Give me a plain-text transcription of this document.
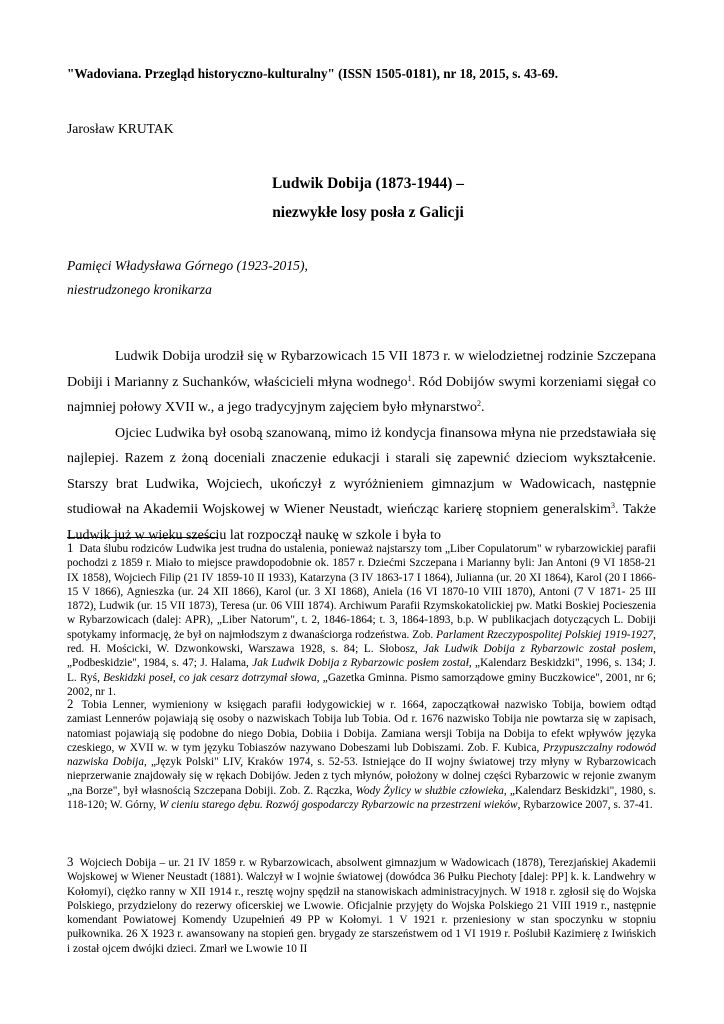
"Wadoviana. Przegląd historyczno-kulturalny" (ISSN 1505-0181), nr 18, 2015, s. 43-69.
Jarosław KRUTAK
Ludwik Dobija (1873-1944) –
niezwykłe losy posła z Galicji
Pamięci Władysława Górnego (1923-2015),
niestrudzonego kronikarza

Ludwik Dobija urodził się w Rybarzowicach 15 VII 1873 r. w wielodzietnej rodzinie Szczepana Dobiji i Marianny z Suchanków, właścicieli młyna wodnego$^1$. Ród Dobijów swymi korzeniami sięgał co najmniej połowy XVII w., a jego tradycyjnym zajęciem było młynarstwo$^2$.

Ojciec Ludwika był osobą szanowaną, mimo iż kondycja finansowa młyna nie przedstawiała się najlepiej. Razem z żoną doceniali znaczenie edukacji i starali się zapewnić dzieciom wykształcenie. Starszy brat Ludwika, Wojciech, ukończył z wyróżnieniem gimnazjum w Wadowicach, następnie studiował na Akademii Wojskowej w Wiener Neustadt, wieńcząc karierę stopniem generalskim$^3$. Także Ludwik już w wieku sześciu lat rozpoczął naukę w szkole i była to

1 Data ślubu rodziców Ludwika jest trudna do ustalenia, ponieważ najstarszy tom „Liber Copulatorum" w rybarzowickiej parafii pochodzi z 1859 r. Miało to miejsce prawdopodobnie ok. 1857 r. Dziećmi Szczepana i Marianny byli: Jan Antoni (9 VI 1858-21 IX 1858), Wojciech Filip (21 IV 1859-10 II 1933), Katarzyna (3 IV 1863-17 I 1864), Julianna (ur. 20 XI 1864), Karol (20 I 1866-15 V 1866), Agnieszka (ur. 24 XII 1866), Karol (ur. 3 XI 1868), Aniela (16 VI 1870-10 VIII 1870), Antoni (7 V 1871- 25 III 1872), Ludwik (ur. 15 VII 1873), Teresa (ur. 06 VIII 1874). Archiwum Parafii Rzymskokatolickiej pw. Matki Boskiej Pocieszenia w Rybarzowicach (dalej: APR), „Liber Natorum", t. 2, 1846-1864; t. 3, 1864-1893, b.p. W publikacjach dotyczących L. Dobiji spotykamy informację, że był on najmłodszym z dwanaściorga rodzeństwa. Zob. Parlament Rzeczypospolitej Polskiej 1919-1927, red. H. Mościcki, W. Dzwonkowski, Warszawa 1928, s. 84; L. Słobosz, Jak Ludwik Dobija z Rybarzowic został posłem, „Podbeskidzie", 1984, s. 47; J. Halama, Jak Ludwik Dobija z Rybarzowic posłem został, „Kalendarz Beskidzki", 1996, s. 134; J. L. Ryś, Beskidzki poseł, co jak cesarz dotrzymał słowa, „Gazetka Gminna. Pismo samorządowe gminy Buczkowice", 2001, nr 6; 2002, nr 1.
2 Tobia Lenner, wymieniony w księgach parafii łodygowickiej w r. 1664, zapoczątkował nazwisko Tobija, bowiem odtąd zamiast Lennerów pojawiają się osoby o nazwiskach Tobija lub Tobia. Od r. 1676 nazwisko Tobija nie powtarza się w zapisach, natomiast pojawiają się podobne do niego Dobia, Dobiia i Dobija. Zamiana wersji Tobija na Dobija to efekt wpływów języka czeskiego, w XVII w. w tym języku Tobiaszów nazywano Dobeszami lub Dobiszami. Zob. F. Kubica, Przypuszczalny rodowód nazwiska Dobija, „Język Polski" LIV, Kraków 1974, s. 52-53. Istniejące do II wojny światowej trzy młyny w Rybarzowicach nieprzerwanie znajdowały się w rękach Dobijów. Jeden z tych młynów, położony w dolnej części Rybarzowic w rejonie zwanym „na Borze", był własnością Szczepana Dobiji. Zob. Z. Rączka, Wody Żylicy w służbie człowieka, „Kalendarz Beskidzki", 1980, s. 118-120; W. Górny, W cieniu starego dębu. Rozwój gospodarczy Rybarzowic na przestrzeni wieków, Rybarzowice 2007, s. 37-41.
3 Wojciech Dobija – ur. 21 IV 1859 r. w Rybarzowicach, absolwent gimnazjum w Wadowicach (1878), Terezjańskiej Akademii Wojskowej w Wiener Neustadt (1881). Walczył w I wojnie światowej (dowódca 36 Pułku Piechoty [dalej: PP] k. k. Landwehry w Kołomyi), ciężko ranny w XII 1914 r., resztę wojny spędził na stanowiskach administracyjnych. W 1918 r. zgłosił się do Wojska Polskiego, przydzielony do rezerwy oficerskiej we Lwowie. Oficjalnie przyjęty do Wojska Polskiego 21 VIII 1919 r., następnie komendant Powiatowej Komendy Uzupełnień 49 PP w Kołomyi. 1 V 1921 r. przeniesiony w stan spoczynku w stopniu pułkownika. 26 X 1923 r. awansowany na stopień gen. brygady ze starszeństwem od 1 VI 1919 r. Poślubił Kazimierę z Iwińskich i został ojcem dwójki dzieci. Zmarł we Lwowie 10 II
